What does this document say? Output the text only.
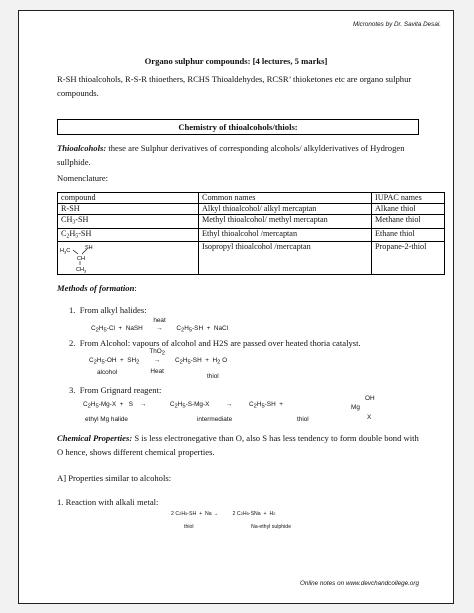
Micronotes by Dr. Savita Desai.
Organo sulphur compounds: [4 lectures, 5 marks]
R-SH thioalcohols, R-S-R thioethers, RCHS Thioaldehydes, RCSR’ thioketones etc are organo sulphur compounds.
Chemistry of thioalcohols/thiols:
Thioalcohols: these are Sulphur derivatives of corresponding alcohols/ alkylderivatives of Hydrogen sullphide.
Nomenclature:
compound	Common names	IUPAC names
R-SH	Alkyl thioalcohol/ alkyl mercaptan	Alkane thiol
$CH_3-SH$	Methyl thioalcohol/ methyl mercaptan	Methane thiol
$C_2H_5-SH$	Ethyl thioalcohol /mercaptan	Ethane thiol

$H_3C$
CH
SH
$CH_3$	Isopropyl thioalcohol /mercaptan	Propane-2-thiol
Methods of formation:
1. From alkyl halides:
C2H5-Cl  +  NaSH
heat
→ C2H5-SH  +  NaCl
2. From Alcohol: vapours of alcohol and H2S are passed over heated thoria catalyst.
C2H5-OH  +  SH2
ThO2
→
Heat
C2H5-SH  +  H2 O
alcohol
thiol
3. From Grignard reagent:
C2H5-Mg-X  +   S    →	C2H5-S-Mg-X → C2H5-SH  +
OH
Mg
X
ethyl Mg halide	intermediate	thiol
Chemical Properties: S is less electronegative than O, also S has less tendency to form double bond with O hence, shows different chemical properties.
A] Properties similar to alcohols:
1. Reaction with alkali metal:
2 C2H5-SH  +  Na → 2 C2H5-SNa  +  H2
thiol	Na-ethyl sulphide
Online notes on www.devchandcollege.org
